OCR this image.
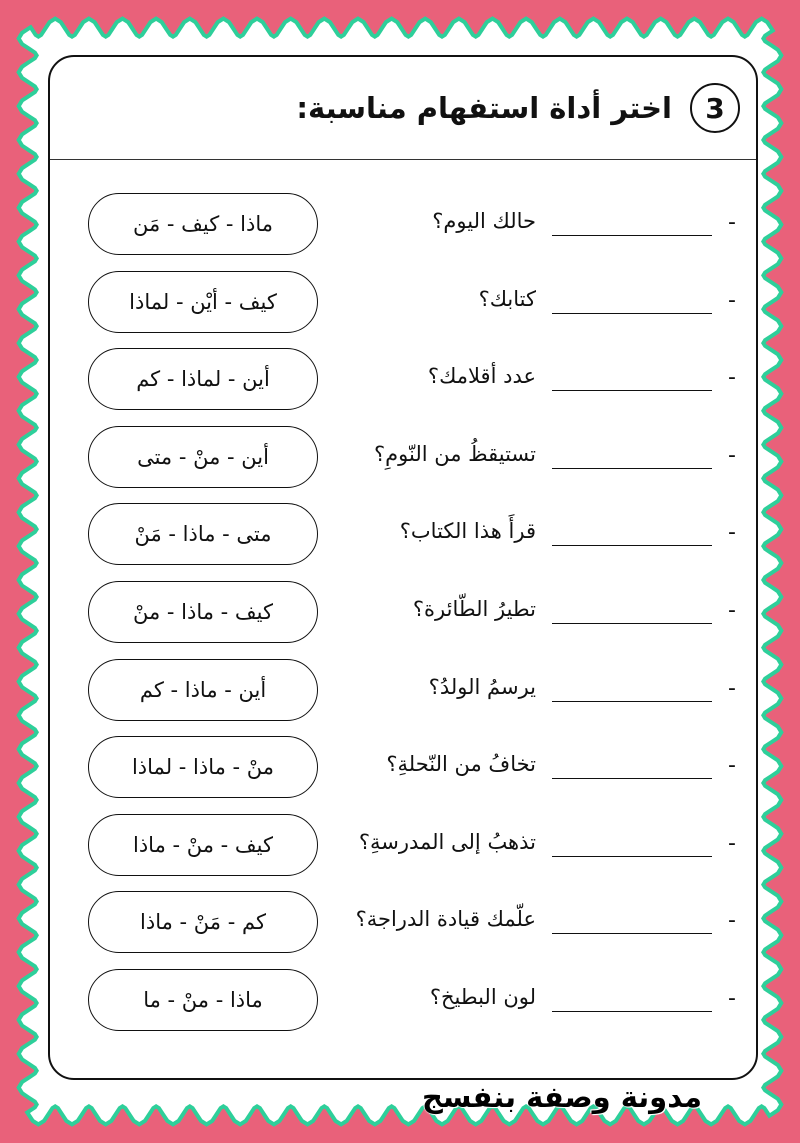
3
اختر أداة استفهام مناسبة:
-
حالك اليوم؟
ماذا - كيف - مَن
-
كتابك؟
كيف - أيْن - لماذا
-
عدد أقلامك؟
أين - لماذا - كم
-
تستيقظُ من النّومِ؟
أين - منْ - متى
-
قرأَ هذا الكتاب؟
متى - ماذا - مَنْ
-
تطيرُ الطّائرة؟
كيف - ماذا - منْ
-
يرسمُ الولدُ؟
أين - ماذا - كم
-
تخافُ من النّحلةِ؟
منْ - ماذا - لماذا
-
تذهبُ إلى المدرسةِ؟
كيف - منْ - ماذا
-
علّمك قيادة الدراجة؟
كم - مَنْ - ماذا
-
لون البطيخ؟
ماذا - منْ - ما
مدونة وصفة بنفسج
